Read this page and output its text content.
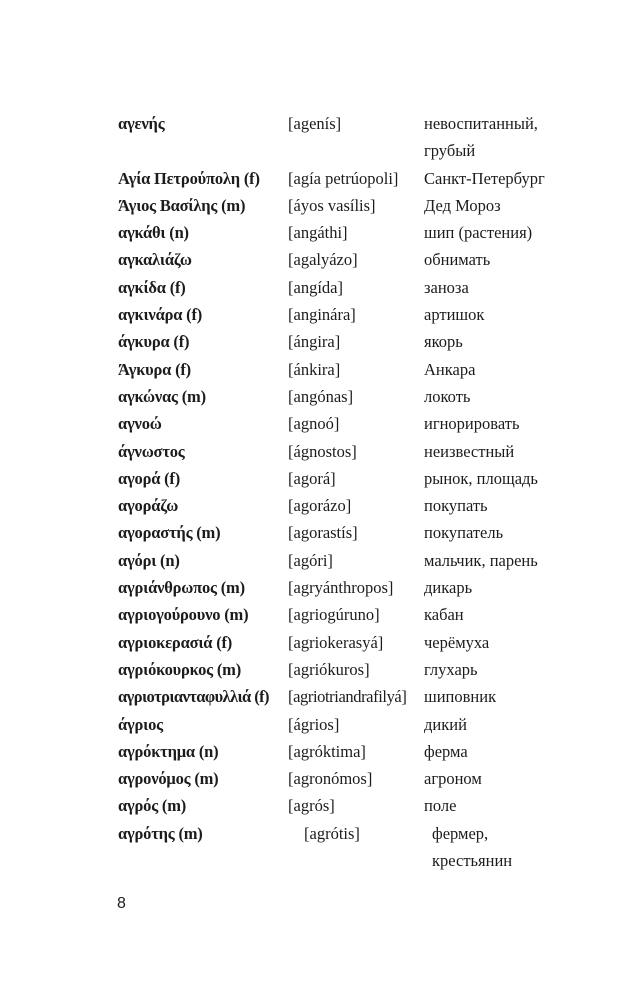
αγενής	[agenís]	невоспитанный,
грубый
Αγία Πετρούπολη (f) [agía petrúopoli] Санкт-Петербург
Άγιος Βασίλης (m)	[áyos vasílis]	Дед Мороз
αγκάθι (n)	[angáthi]	шип (растения)
αγκαλιάζω	[agalyázo]	обнимать
αγκίδα (f)	[angída]	заноза
αγκινάρα (f)	[anginára]	артишок
άγκυρα (f)	[ángira]	якорь
Άγκυρα (f)	[ánkira]	Анкара
αγκώνας (m)	[angónas]	локоть
αγνοώ	[agnoó]	игнорировать
άγνωστος	[ágnostos]	неизвестный
αγορά (f)	[agorá]	рынок, площадь
αγοράζω	[agorázo]	покупать
αγοραστής (m)	[agorastís]	покупатель
αγόρι (n)	[agóri]	мальчик, парень
αγριάνθρωπος (m)	[agryánthropos] дикарь
αγριογούρουνο (m) [agriogúruno]	кабан
αγριοκερασιά (f)	[agriokerasyá] черёмуха
αγριόκουρκος (m)	[agriókuros]	глухарь
αγριοτριανταφυλλιά (f) [agriotriandrafilyá] шиповник
άγριος	[ágrios]	дикий
αγρόκτημα (n)	[agróktima]	ферма
αγρονόμος (m)	[agronómos]	агроном
αγρός (m)	[agrós]	поле
αγρότης (m)	[agrótis]	фермер,
крестьянин
8
